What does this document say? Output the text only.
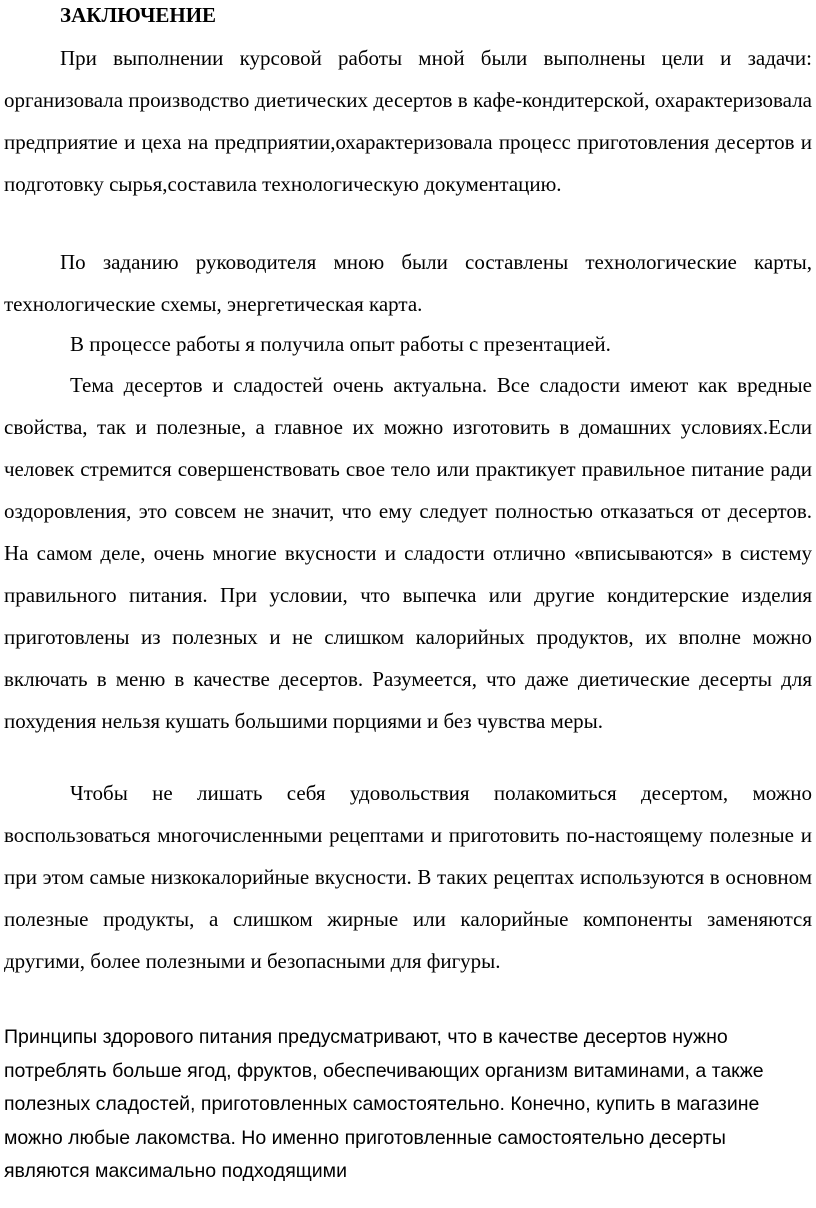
ЗАКЛЮЧЕНИЕ

При выполнении курсовой работы мной были выполнены цели и задачи: организовала производство диетических десертов в кафе-кондитерской, охарактеризовала предприятие и цеха на предприятии,охарактеризовала процесс приготовления десертов и подготовку сырья,составила технологическую документацию.

По заданию руководителя мною были составлены технологические карты, технологические схемы, энергетическая карта.

В процессе работы я получила опыт работы с презентацией.

Тема десертов и сладостей очень актуальна. Все сладости имеют как вредные свойства, так и полезные, а главное их можно изготовить в домашних условиях.Если человек стремится совершенствовать свое тело или практикует правильное питание ради оздоровления, это совсем не значит, что ему следует полностью отказаться от десертов. На самом деле, очень многие вкусности и сладости отлично «вписываются» в систему правильного питания. При условии, что выпечка или другие кондитерские изделия приготовлены из полезных и не слишком калорийных продуктов, их вполне можно включать в меню в качестве десертов. Разумеется, что даже диетические десерты для похудения нельзя кушать большими порциями и без чувства меры.

Чтобы не лишать себя удовольствия полакомиться десертом, можно воспользоваться многочисленными рецептами и приготовить по-настоящему полезные и при этом самые низкокалорийные вкусности. В таких рецептах используются в основном полезные продукты, а слишком жирные или калорийные компоненты заменяются другими, более полезными и безопасными для фигуры.

Принципы здорового питания предусматривают, что в качестве десертов нужно потреблять больше ягод, фруктов, обеспечивающих организм витаминами, а также полезных сладостей, приготовленных самостоятельно. Конечно, купить в магазине можно любые лакомства. Но именно приготовленные самостоятельно десерты являются максимально подходящими
